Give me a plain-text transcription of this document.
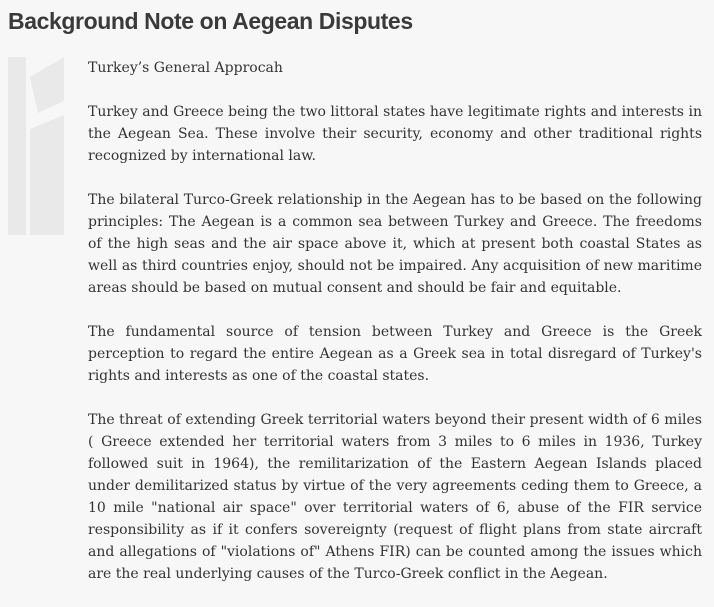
Background Note on Aegean Disputes

Turkey’s General Approcah

Turkey and Greece being the two littoral states have legitimate rights and interests in the Aegean Sea. These involve their security, economy and other traditional rights recognized by international law.

The bilateral Turco-Greek relationship in the Aegean has to be based on the following principles: The Aegean is a common sea between Turkey and Greece. The freedoms of the high seas and the air space above it, which at present both coastal States as well as third countries enjoy, should not be impaired. Any acquisition of new maritime areas should be based on mutual consent and should be fair and equitable.

The fundamental source of tension between Turkey and Greece is the Greek perception to regard the entire Aegean as a Greek sea in total disregard of Turkey's rights and interests as one of the coastal states.

The threat of extending Greek territorial waters beyond their present width of 6 miles ( Greece extended her territorial waters from 3 miles to 6 miles in 1936, Turkey followed suit in 1964), the remilitarization of the Eastern Aegean Islands placed under demilitarized status by virtue of the very agreements ceding them to Greece, a 10 mile "national air space" over territorial waters of 6, abuse of the FIR service responsibility as if it confers sovereignty (request of flight plans from state aircraft and allegations of "violations of" Athens FIR) can be counted among the issues which are the real underlying causes of the Turco-Greek conflict in the Aegean.
